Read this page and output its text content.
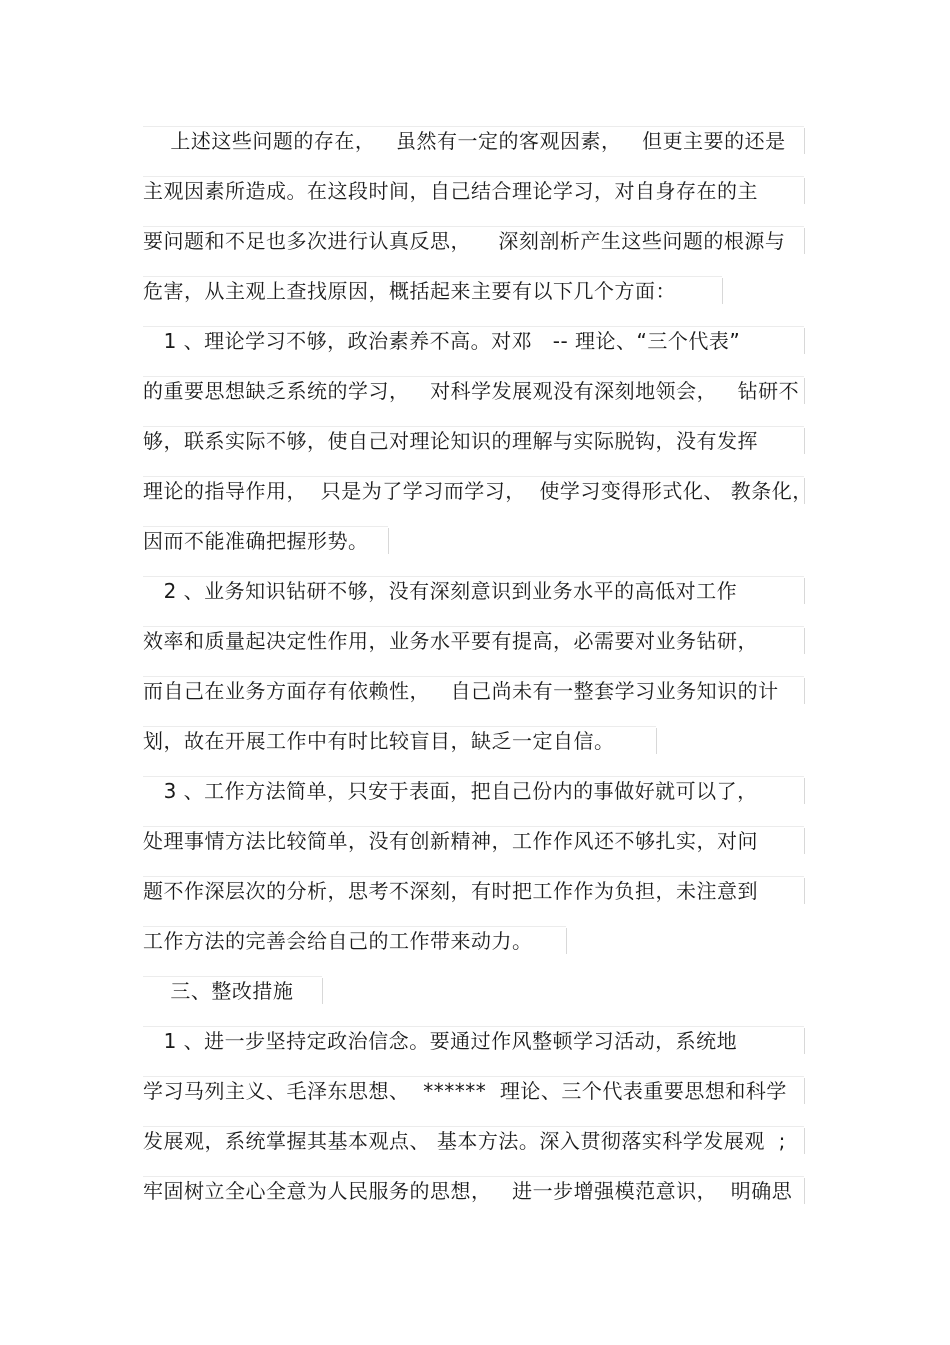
上述这些问题的存在，   虽然有一定的客观因素，   但更主要的还是
主观因素所造成。在这段时间，自己结合理论学习，对自身存在的主
要问题和不足也多次进行认真反思，    深刻剖析产生这些问题的根源与
危害，从主观上查找原因，概括起来主要有以下几个方面：
1 、理论学习不够，政治素养不高。对邓   -- 理论、“三个代表”
的重要思想缺乏系统的学习，   对科学发展观没有深刻地领会，   钻研不
够，联系实际不够，使自己对理论知识的理解与实际脱钩，没有发挥
理论的指导作用，  只是为了学习而学习，  使学习变得形式化、 教条化，
因而不能准确把握形势。
2 、业务知识钻研不够，没有深刻意识到业务水平的高低对工作
效率和质量起决定性作用，业务水平要有提高，必需要对业务钻研，
而自己在业务方面存有依赖性，   自己尚未有一整套学习业务知识的计
划，故在开展工作中有时比较盲目，缺乏一定自信。
3 、工作方法简单，只安于表面，把自己份内的事做好就可以了，
处理事情方法比较简单，没有创新精神，工作作风还不够扎实，对问
题不作深层次的分析，思考不深刻，有时把工作作为负担，未注意到
工作方法的完善会给自己的工作带来动力。
三、整改措施
1 、进一步坚持定政治信念。要通过作风整顿学习活动，系统地
学习马列主义、毛泽东思想、  ******  理论、三个代表重要思想和科学
发展观，系统掌握其基本观点、 基本方法。深入贯彻落实科学发展观  ;
牢固树立全心全意为人民服务的思想，   进一步增强模范意识，  明确思
